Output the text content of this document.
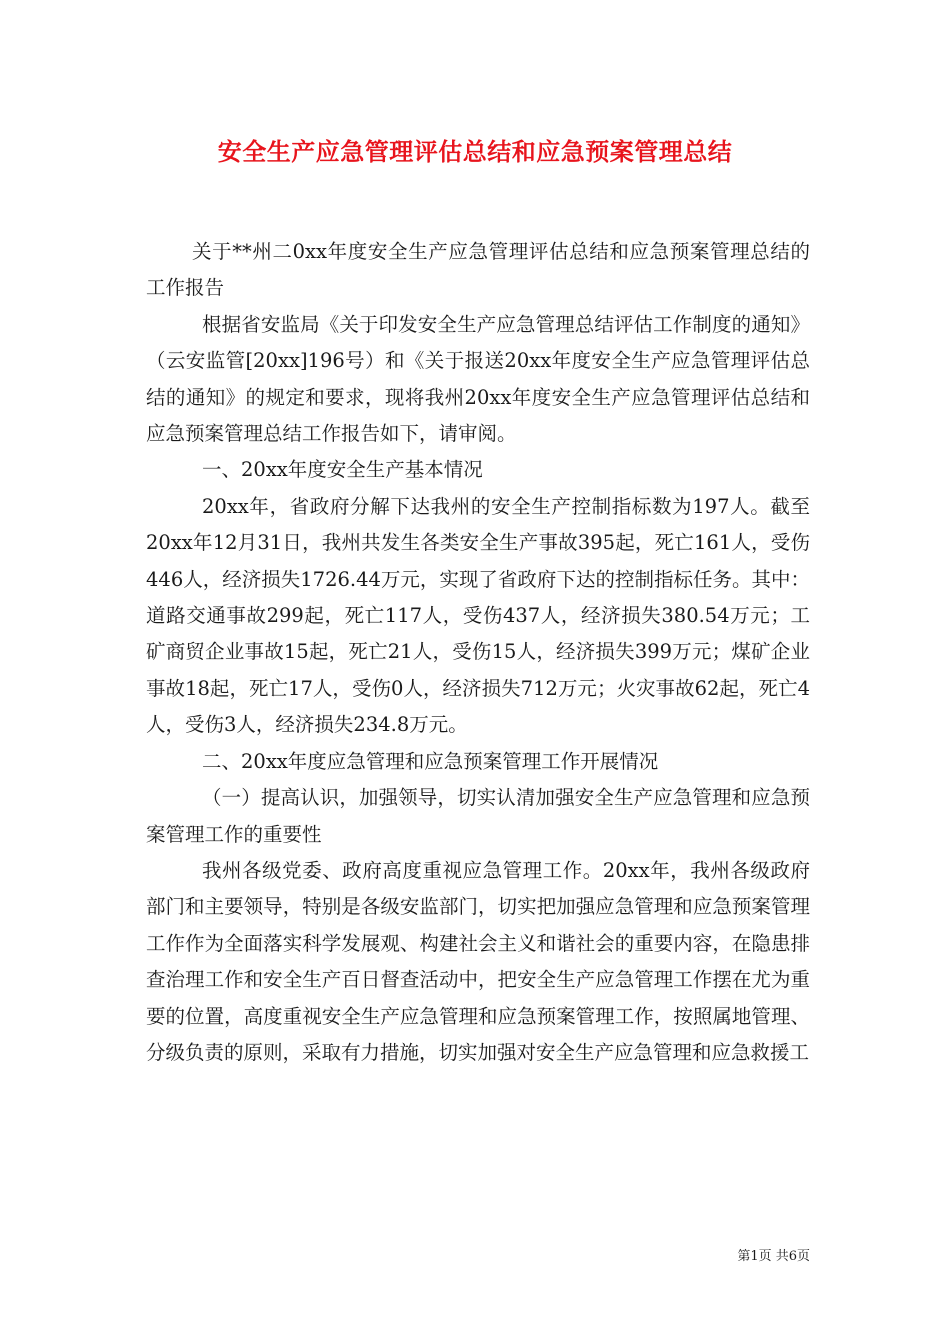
安全生产应急管理评估总结和应急预案管理总结

关于**州二0xx年度安全生产应急管理评估总结和应急预案管理总结的工作报告

根据省安监局《关于印发安全生产应急管理总结评估工作制度的通知》（云安监管[20xx]196号）和《关于报送20xx年度安全生产应急管理评估总结的通知》的规定和要求，现将我州20xx年度安全生产应急管理评估总结和应急预案管理总结工作报告如下，请审阅。

一、20xx年度安全生产基本情况

20xx年，省政府分解下达我州的安全生产控制指标数为197人。截至20xx年12月31日，我州共发生各类安全生产事故395起，死亡161人，受伤446人，经济损失1726.44万元，实现了省政府下达的控制指标任务。其中：道路交通事故299起，死亡117人，受伤437人，经济损失380.54万元；工矿商贸企业事故15起，死亡21人，受伤15人，经济损失399万元；煤矿企业事故18起，死亡17人，受伤0人，经济损失712万元；火灾事故62起，死亡4人，受伤3人，经济损失234.8万元。

二、20xx年度应急管理和应急预案管理工作开展情况

（一）提高认识，加强领导，切实认清加强安全生产应急管理和应急预案管理工作的重要性

我州各级党委、政府高度重视应急管理工作。20xx年，我州各级政府部门和主要领导，特别是各级安监部门，切实把加强应急管理和应急预案管理工作作为全面落实科学发展观、构建社会主义和谐社会的重要内容，在隐患排查治理工作和安全生产百日督查活动中，把安全生产应急管理工作摆在尤为重要的位置，高度重视安全生产应急管理和应急预案管理工作，按照属地管理、分级负责的原则，采取有力措施，切实加强对安全生产应急管理和应急救援工

第1页 共6页
